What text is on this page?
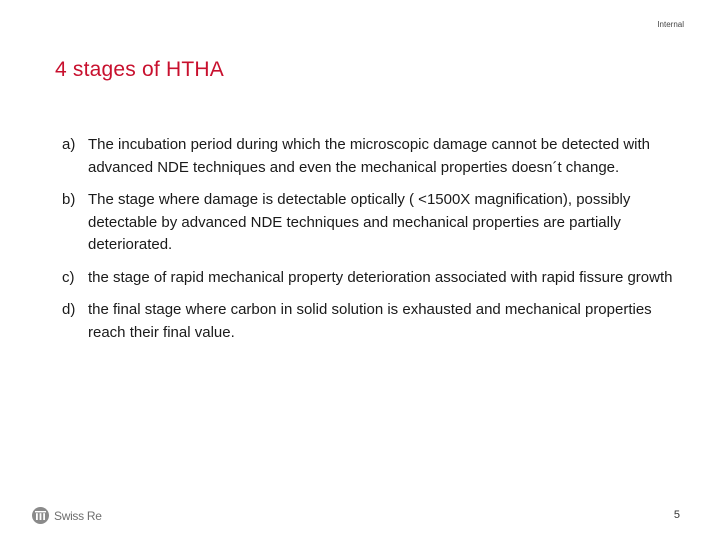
Internal
4 stages of HTHA
a) The incubation period during which the microscopic damage cannot be detected with advanced NDE techniques and even the mechanical properties doesn´t change.
b) The stage where damage is detectable optically ( <1500X magnification), possibly detectable by advanced NDE techniques and mechanical properties are partially deteriorated.
c) the stage of rapid mechanical property deterioration associated with rapid fissure growth
d) the final stage where carbon in solid solution is exhausted and mechanical properties reach their final value.
Swiss Re	5
